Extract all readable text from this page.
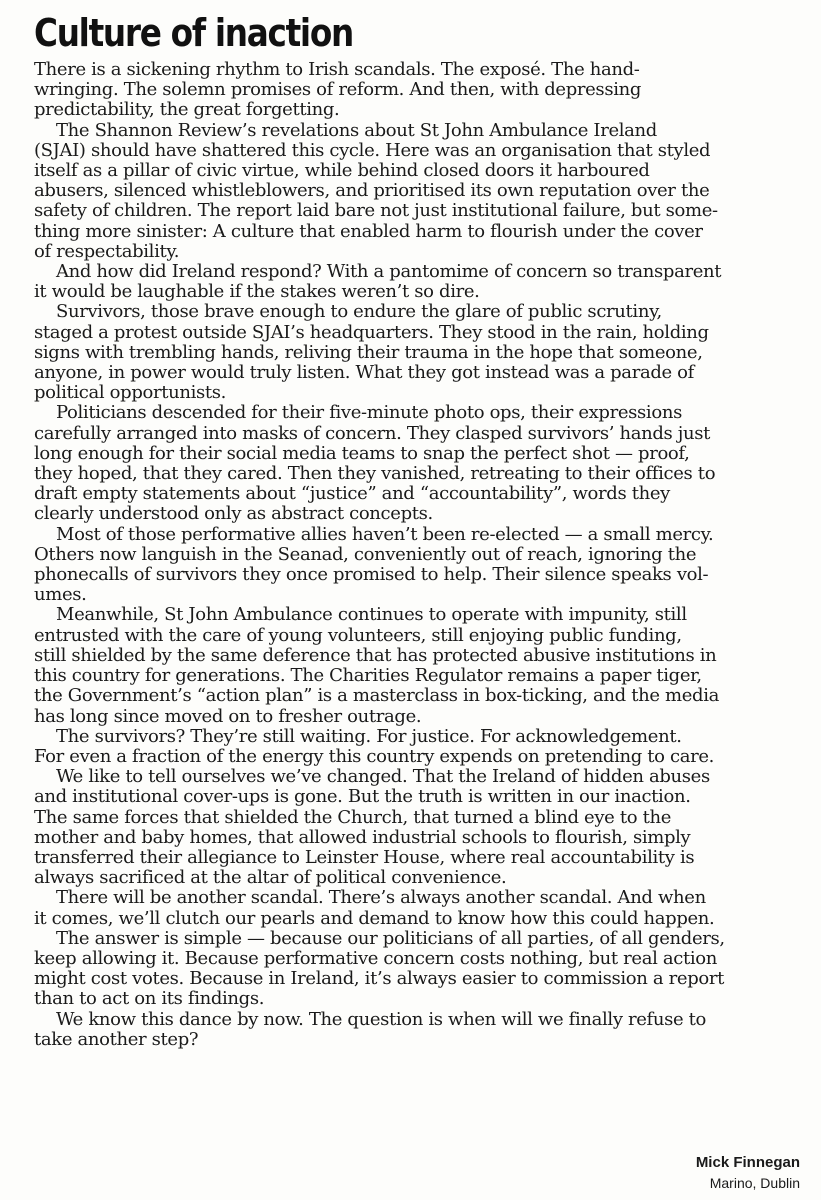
Culture of inaction
There is a sickening rhythm to Irish scandals. The exposé. The hand-
wringing. The solemn promises of reform. And then, with depressing
predictability, the great forgetting.
The Shannon Review’s revelations about St John Ambulance Ireland
(SJAI) should have shattered this cycle. Here was an organisation that styled
itself as a pillar of civic virtue, while behind closed doors it harboured
abusers, silenced whistleblowers, and prioritised its own reputation over the
safety of children. The report laid bare not just institutional failure, but some-
thing more sinister: A culture that enabled harm to flourish under the cover
of respectability.
And how did Ireland respond? With a pantomime of concern so transparent
it would be laughable if the stakes weren’t so dire.
Survivors, those brave enough to endure the glare of public scrutiny,
staged a protest outside SJAI’s headquarters. They stood in the rain, holding
signs with trembling hands, reliving their trauma in the hope that someone,
anyone, in power would truly listen. What they got instead was a parade of
political opportunists.
Politicians descended for their five-minute photo ops, their expressions
carefully arranged into masks of concern. They clasped survivors’ hands just
long enough for their social media teams to snap the perfect shot — proof,
they hoped, that they cared. Then they vanished, retreating to their offices to
draft empty statements about “justice” and “accountability”, words they
clearly understood only as abstract concepts.
Most of those performative allies haven’t been re-elected — a small mercy.
Others now languish in the Seanad, conveniently out of reach, ignoring the
phonecalls of survivors they once promised to help. Their silence speaks vol-
umes.
Meanwhile, St John Ambulance continues to operate with impunity, still
entrusted with the care of young volunteers, still enjoying public funding,
still shielded by the same deference that has protected abusive institutions in
this country for generations. The Charities Regulator remains a paper tiger,
the Government’s “action plan” is a masterclass in box-ticking, and the media
has long since moved on to fresher outrage.
The survivors? They’re still waiting. For justice. For acknowledgement.
For even a fraction of the energy this country expends on pretending to care.
We like to tell ourselves we’ve changed. That the Ireland of hidden abuses
and institutional cover-ups is gone. But the truth is written in our inaction.
The same forces that shielded the Church, that turned a blind eye to the
mother and baby homes, that allowed industrial schools to flourish, simply
transferred their allegiance to Leinster House, where real accountability is
always sacrificed at the altar of political convenience.
There will be another scandal. There’s always another scandal. And when
it comes, we’ll clutch our pearls and demand to know how this could happen.
The answer is simple — because our politicians of all parties, of all genders,
keep allowing it. Because performative concern costs nothing, but real action
might cost votes. Because in Ireland, it’s always easier to commission a report
than to act on its findings.
We know this dance by now. The question is when will we finally refuse to
take another step?
Mick Finnegan
Marino, Dublin
